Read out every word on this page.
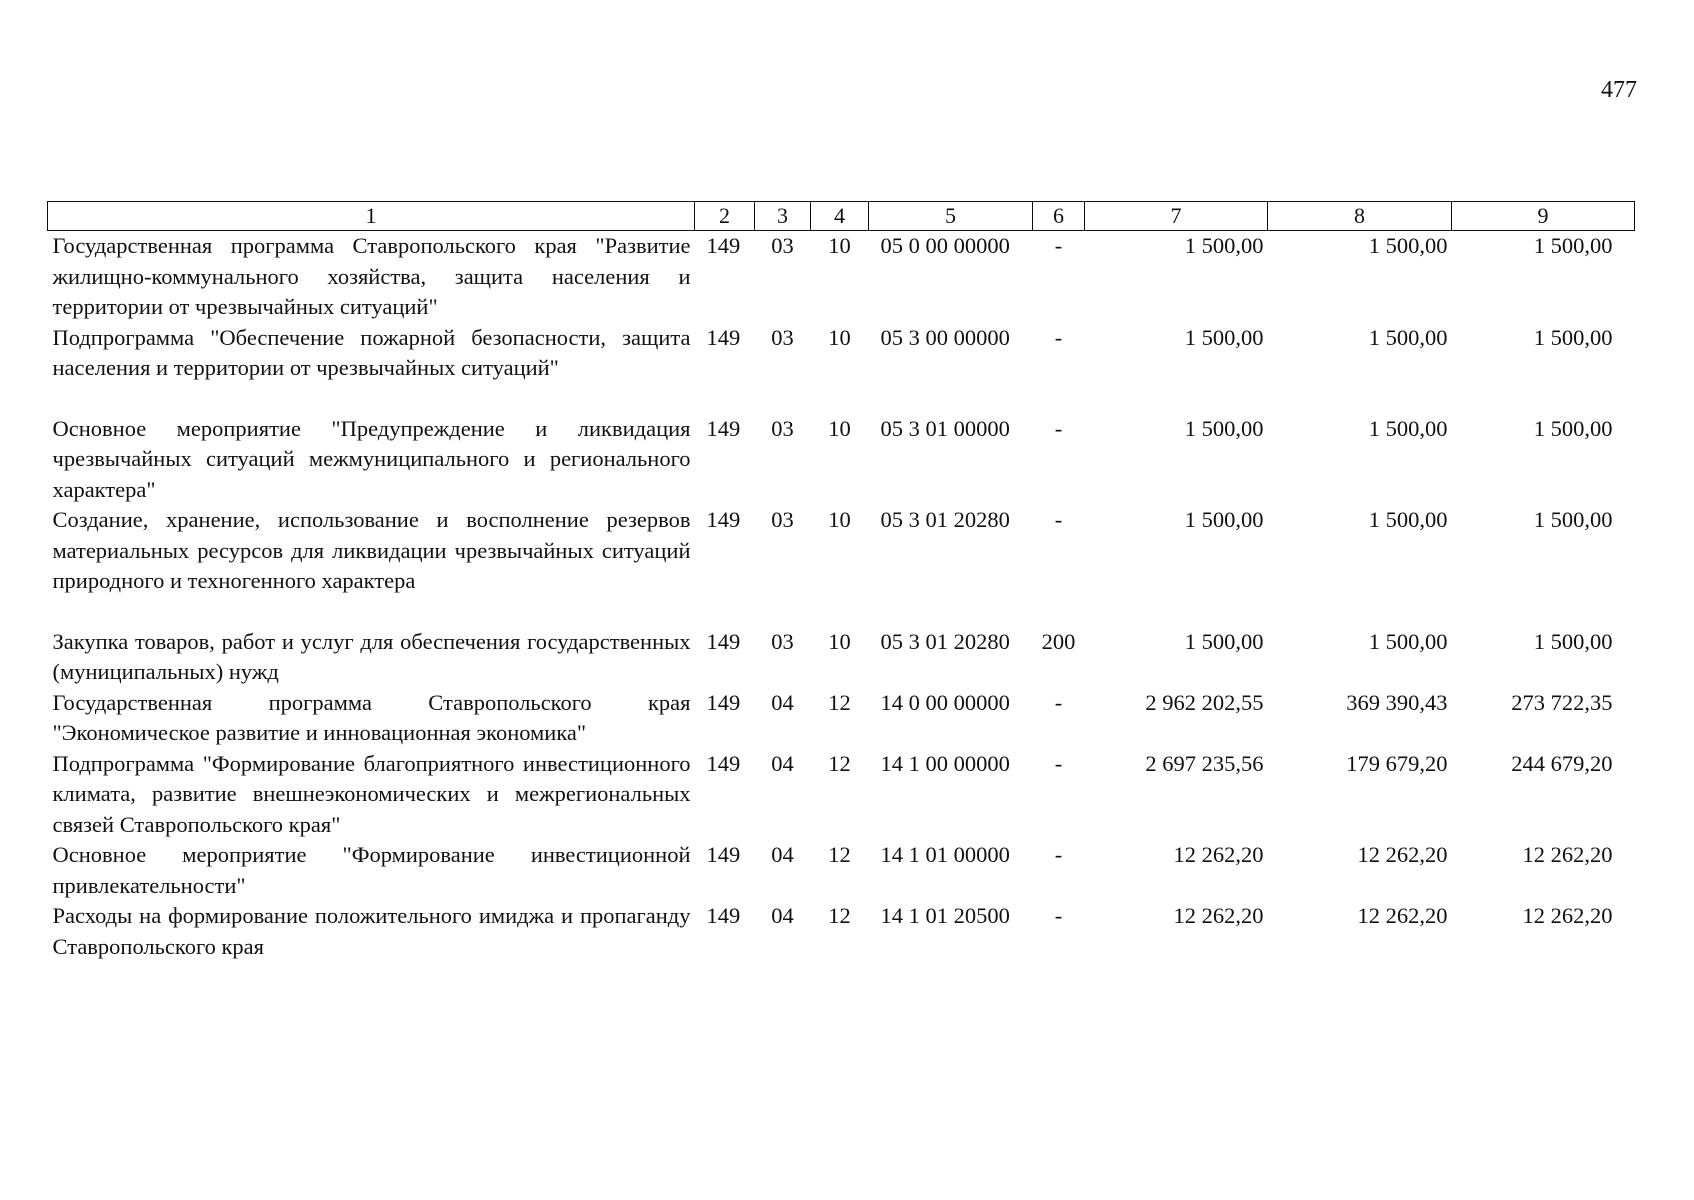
477
1	2	3	4	5	6	7	8	9
Государственная программа Ставропольского края "Развитие жилищно-коммунального хозяйства, защита населения и территории от чрезвычайных ситуаций"	149	03	10	05 0 00 00000	-	1 500,00	1 500,00	1 500,00
Подпрограмма "Обеспечение пожарной безопасности, защита населения и территории от чрезвычайных ситуаций"	149	03	10	05 3 00 00000	-	1 500,00	1 500,00	1 500,00
Основное мероприятие "Предупреждение и ликвидация чрезвычайных ситуаций межмуниципального и регионального характера"	149	03	10	05 3 01 00000	-	1 500,00	1 500,00	1 500,00
Создание, хранение, использование и восполнение резервов материальных ресурсов для ликвидации чрезвычайных ситуаций природного и техногенного характера	149	03	10	05 3 01 20280	-	1 500,00	1 500,00	1 500,00
Закупка товаров, работ и услуг для обеспечения государственных (муниципальных) нужд	149	03	10	05 3 01 20280	200	1 500,00	1 500,00	1 500,00
Государственная программа Ставропольского края "Экономическое развитие и инновационная экономика"	149	04	12	14 0 00 00000	-	2 962 202,55	369 390,43	273 722,35
Подпрограмма "Формирование благоприятного инвестиционного климата, развитие внешнеэкономических и межрегиональных связей Ставропольского края"	149	04	12	14 1 00 00000	-	2 697 235,56	179 679,20	244 679,20
Основное мероприятие "Формирование инвестиционной привлекательности"	149	04	12	14 1 01 00000	-	12 262,20	12 262,20	12 262,20
Расходы на формирование положительного имиджа и пропаганду Ставропольского края	149	04	12	14 1 01 20500	-	12 262,20	12 262,20	12 262,20
